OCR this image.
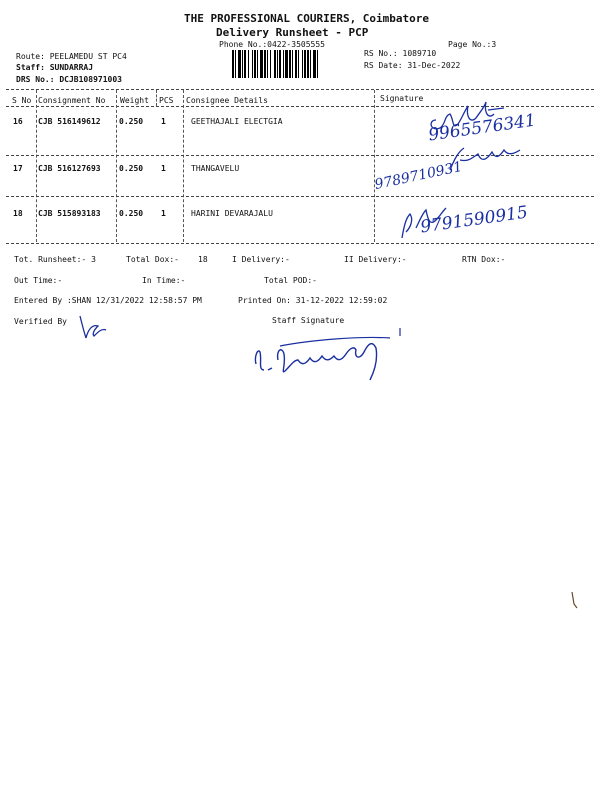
THE PROFESSIONAL COURIERS, Coimbatore
Delivery Runsheet - PCP
Phone No.:0422-3505555	Page No.:3
Route: PEELAMEDU ST PC4
Staff: SUNDARRAJ
DRS No.: DCJB108971003
RS No.: 1089710
RS Date: 31-Dec-2022
S No Consignment No Weight PCS Consignee Details	Signature
16 CJB 516149612 0.250 1	GEETHAJALI ELECTGIA
17 CJB 516127693 0.250 1	THANGAVELU
18 CJB 515893183 0.250 1	HARINI DEVARAJALU
9965576341
9789710931
9791590915
Tot. Runsheet:- 3	Total Dox:- 18	I Delivery:-	II Delivery:-	RTN Dox:-
Out Time:-	In Time:-	Total POD:-
Entered By :SHAN 12/31/2022 12:58:57 PM	Printed On: 31-12-2022 12:59:02
Verified By	Staff Signature
